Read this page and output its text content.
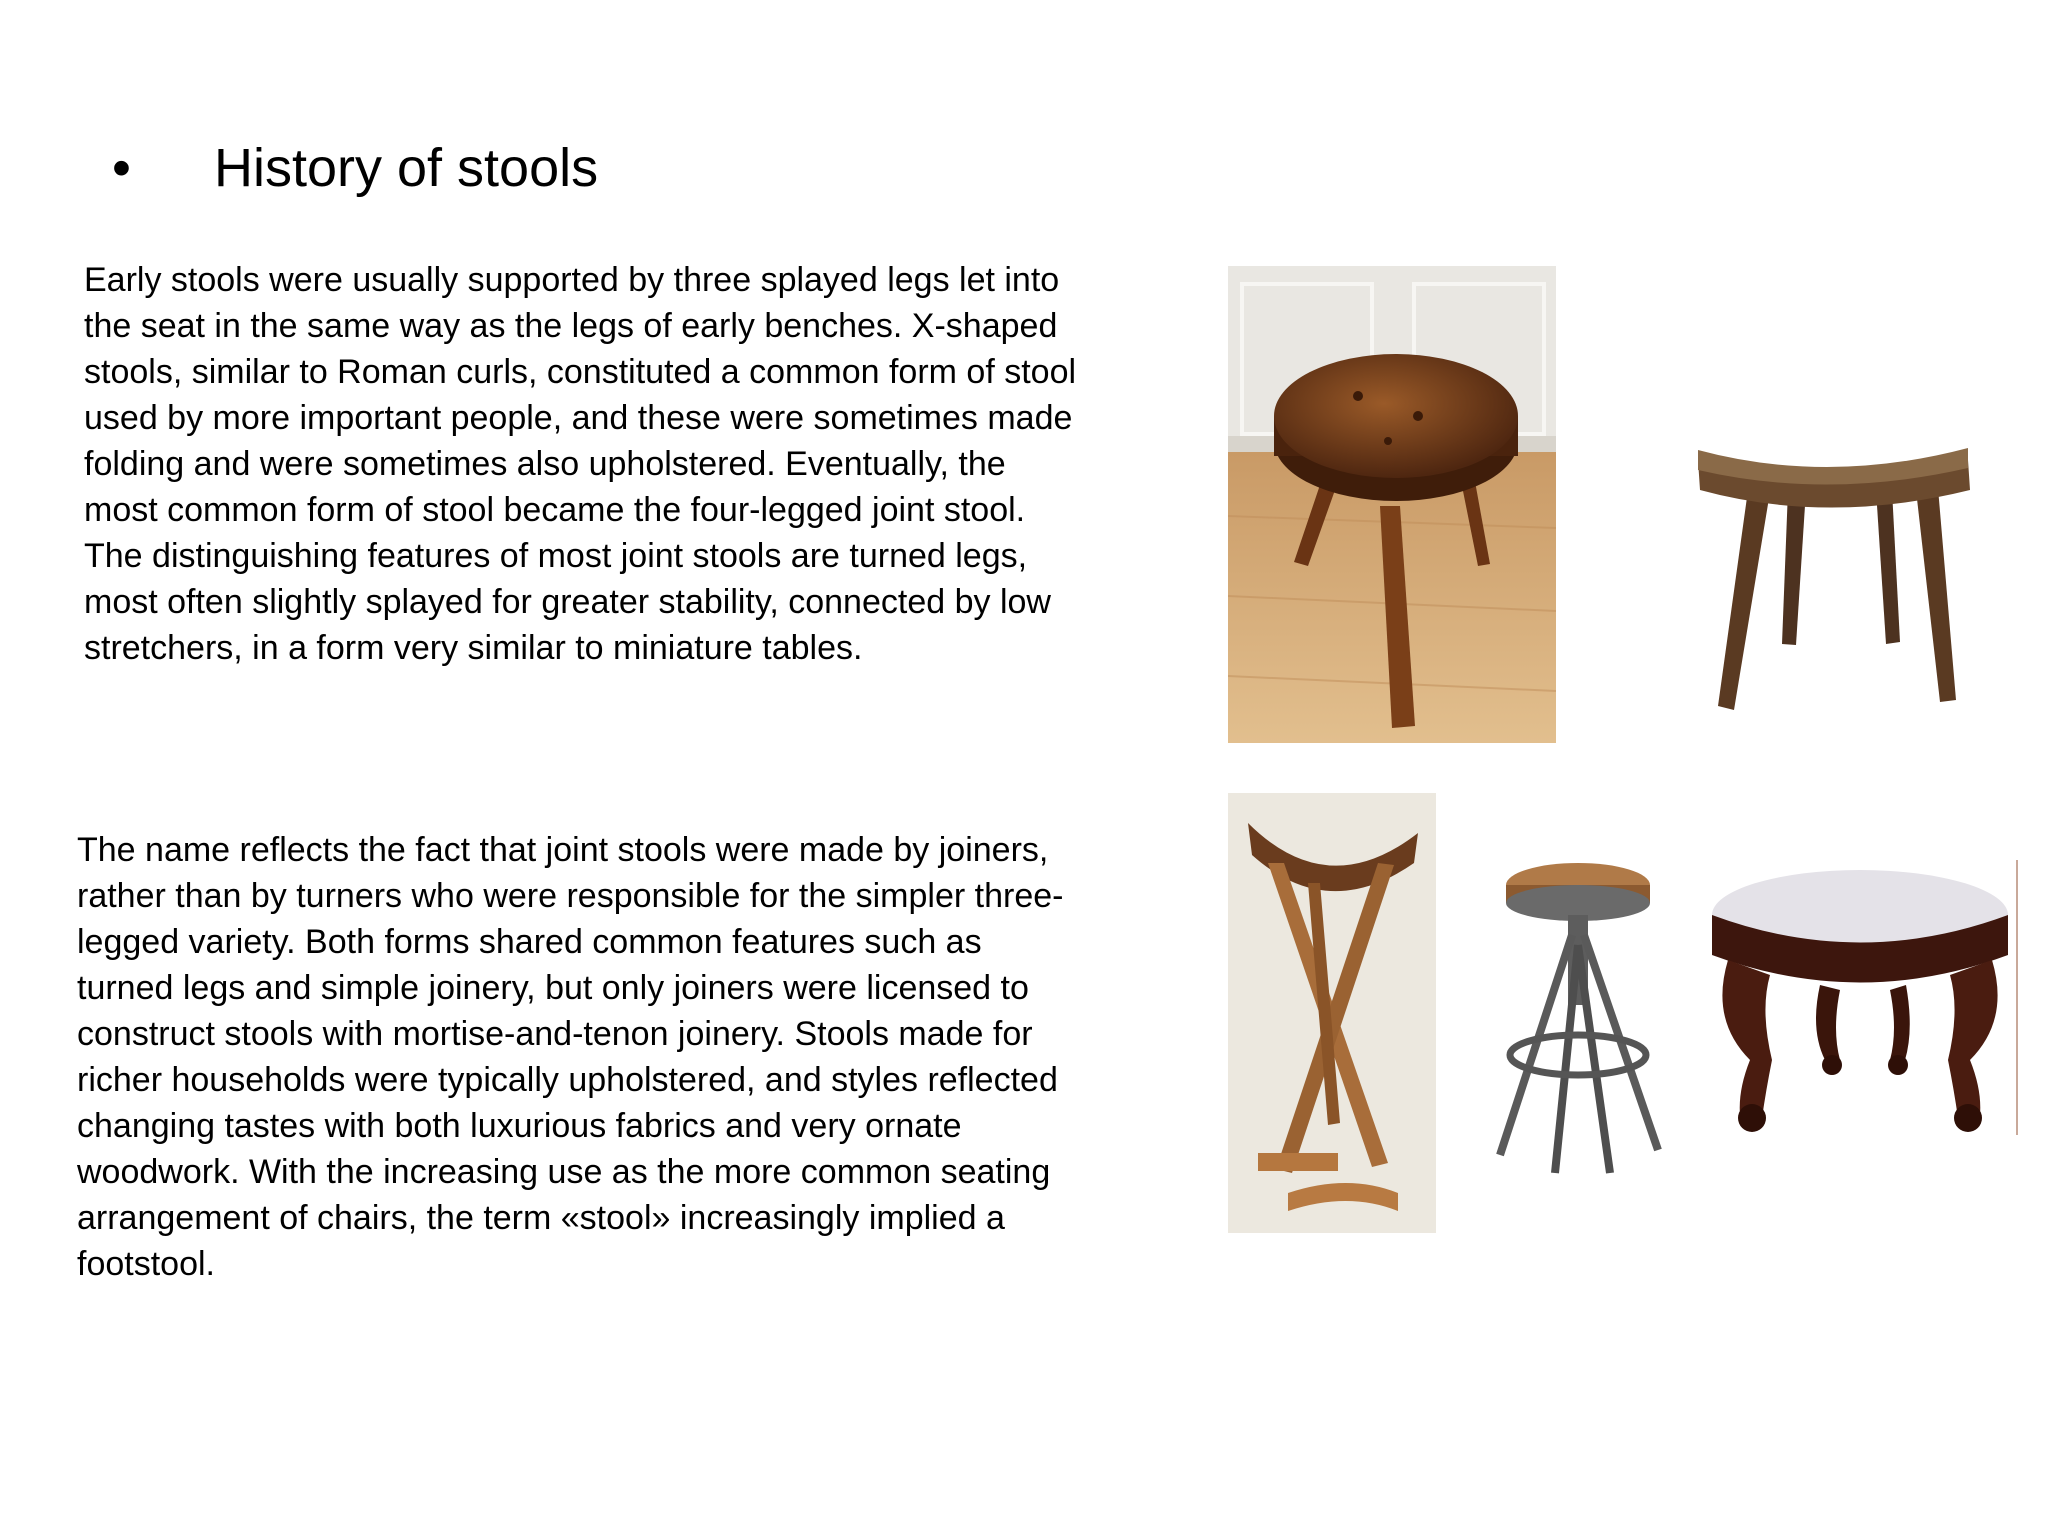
• History of stools

Early stools were usually supported by three splayed legs let into the seat in the same way as the legs of early benches. X-shaped stools, similar to Roman curls, constituted a common form of stool used by more important people, and these were sometimes made folding and were sometimes also upholstered. Eventually, the most common form of stool became the four-legged joint stool. The distinguishing features of most joint stools are turned legs, most often slightly splayed for greater stability, connected by low stretchers, in a form very similar to miniature tables.

The name reflects the fact that joint stools were made by joiners, rather than by turners who were responsible for the simpler three-legged variety. Both forms shared common features such as turned legs and simple joinery, but only joiners were licensed to construct stools with mortise-and-tenon joinery. Stools made for richer households were typically upholstered, and styles reflected changing tastes with both luxurious fabrics and very ornate woodwork. With the increasing use as the more common seating arrangement of chairs, the term «stool» increasingly implied a footstool.
